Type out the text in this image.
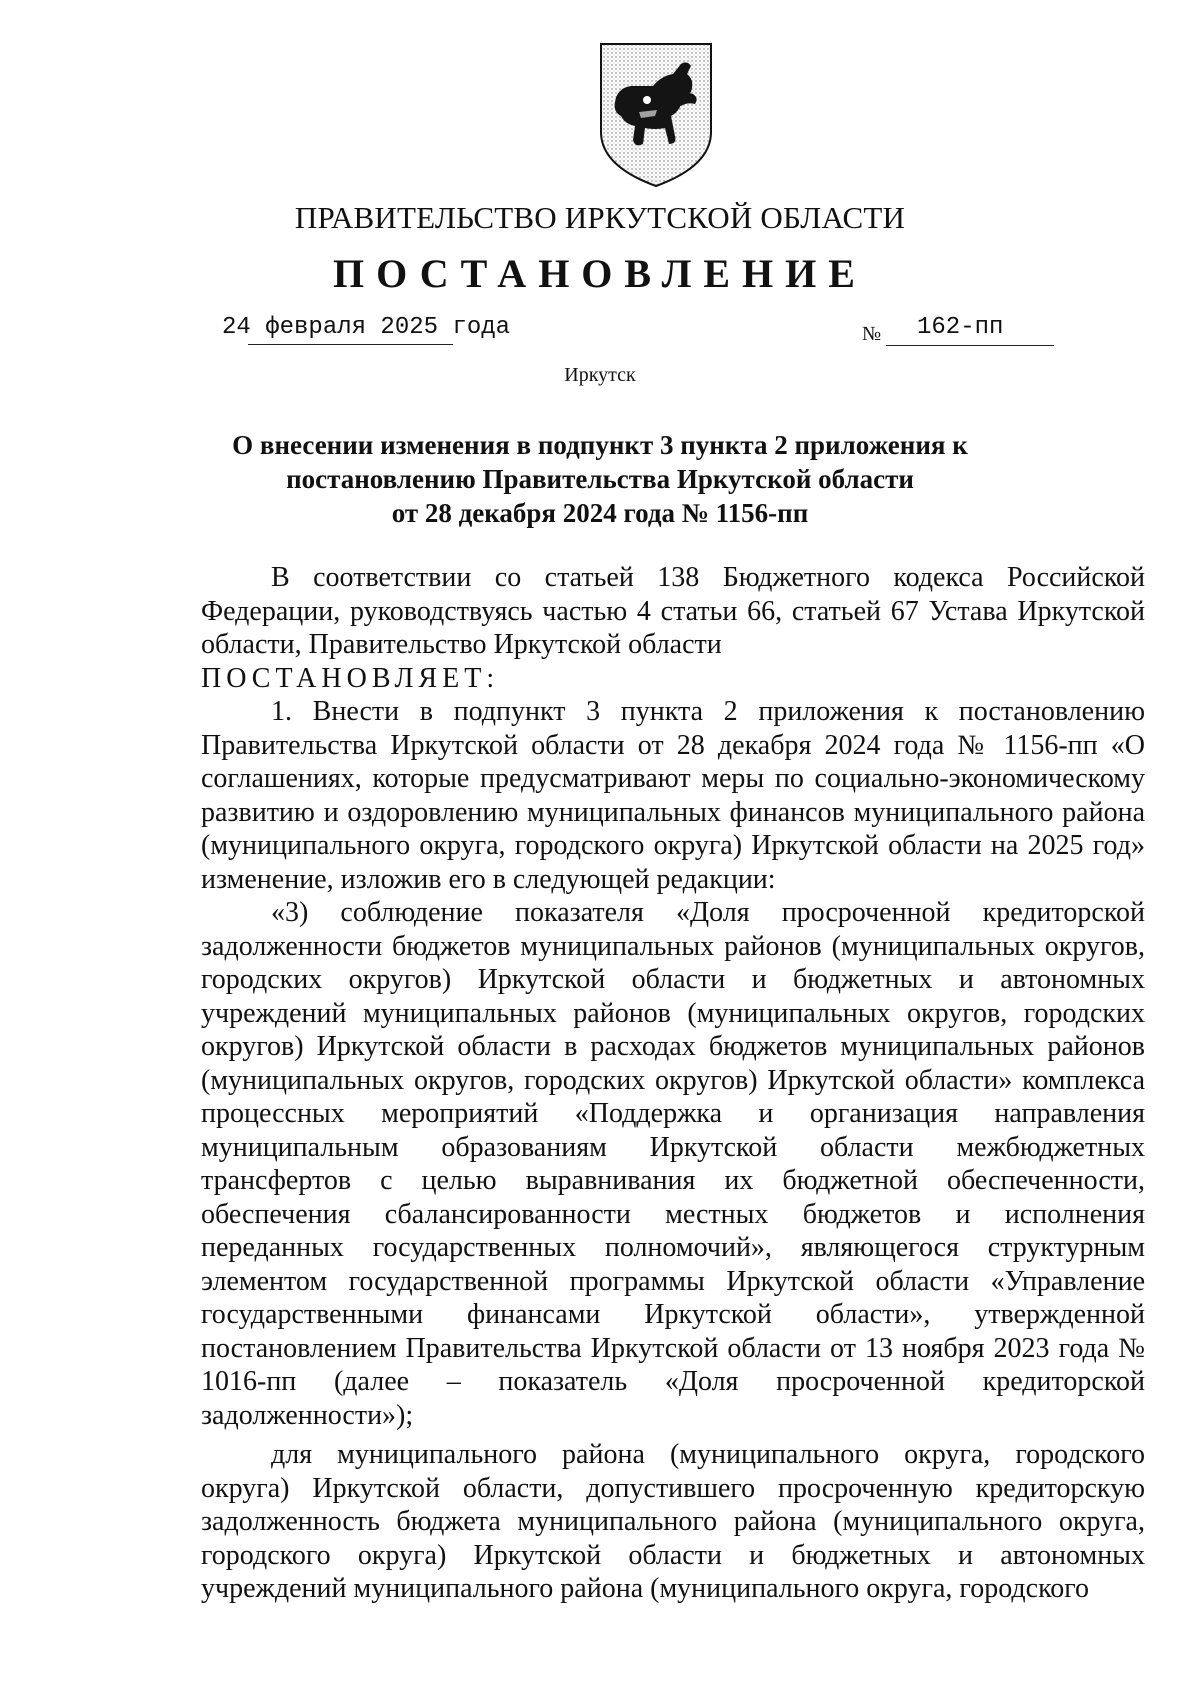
ПРАВИТЕЛЬСТВО ИРКУТСКОЙ ОБЛАСТИ
ПОСТАНОВЛЕНИЕ
24 февраля 2025 года	№ 162-пп
Иркутск
О внесении изменения в подпункт 3 пункта 2 приложения к
постановлению Правительства Иркутской области
от 28 декабря 2024 года № 1156-пп

В соответствии со статьей 138 Бюджетного кодекса Российской Федерации, руководствуясь частью 4 статьи 66, статьей 67 Устава Иркутской области, Правительство Иркутской области

ПОСТАНОВЛЯЕТ:

1. Внести в подпункт 3 пункта 2 приложения к постановлению Правительства Иркутской области от 28 декабря 2024 года № 1156-пп «О соглашениях, которые предусматривают меры по социально-экономическому развитию и оздоровлению муниципальных финансов муниципального района (муниципального округа, городского округа) Иркутской области на 2025 год» изменение, изложив его в следующей редакции:

«3) соблюдение показателя «Доля просроченной кредиторской задолженности бюджетов муниципальных районов (муниципальных округов, городских округов) Иркутской области и бюджетных и автономных учреждений муниципальных районов (муниципальных округов, городских округов) Иркутской области в расходах бюджетов муниципальных районов (муниципальных округов, городских округов) Иркутской области» комплекса процессных мероприятий «Поддержка и организация направления муниципальным образованиям Иркутской области межбюджетных трансфертов с целью выравнивания их бюджетной обеспеченности, обеспечения сбалансированности местных бюджетов и исполнения переданных государственных полномочий», являющегося структурным элементом государственной программы Иркутской области «Управление государственными финансами Иркутской области», утвержденной постановлением Правительства Иркутской области от 13 ноября 2023 года № 1016-пп (далее – показатель «Доля просроченной кредиторской задолженности»);

для муниципального района (муниципального округа, городского округа) Иркутской области, допустившего просроченную кредиторскую задолженность бюджета муниципального района (муниципального округа, городского округа) Иркутской области и бюджетных и автономных учреждений муниципального района (муниципального округа, городского
